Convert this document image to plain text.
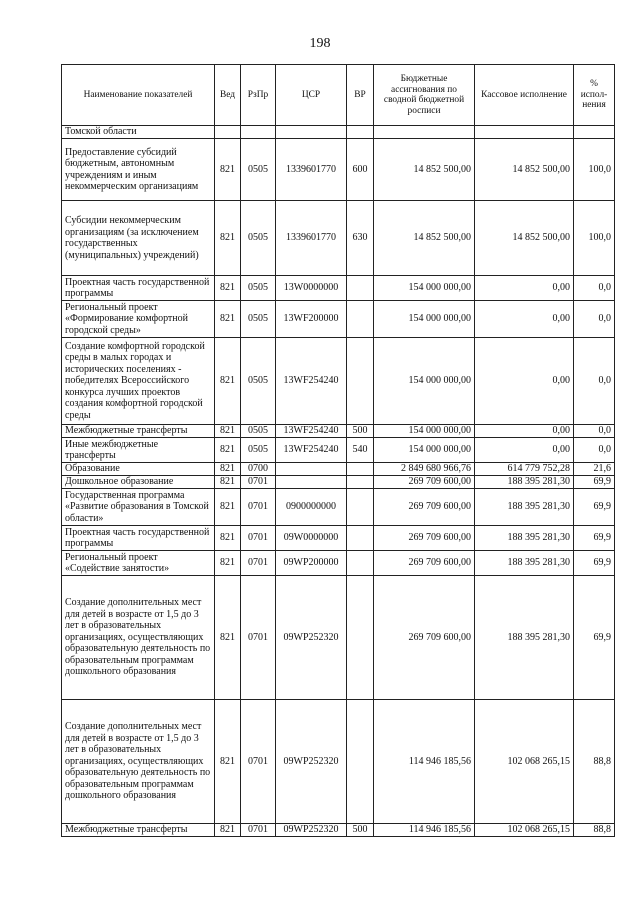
198
Наименование показателей	Вед	РзПр	ЦСР	ВР	Бюджетные ассигнования по сводной бюджетной росписи	Кассовое исполнение	% испол-нения
Томской области							
Предоставление субсидий бюджетным, автономным учреждениям и иным некоммерческим организациям	821	0505	1339601770	600	14 852 500,00	14 852 500,00	100,0
Субсидии некоммерческим организациям (за исключением государственных (муниципальных) учреждений)	821	0505	1339601770	630	14 852 500,00	14 852 500,00	100,0
Проектная часть государственной программы	821	0505	13W0000000		154 000 000,00	0,00	0,0
Региональный проект «Формирование комфортной городской среды»	821	0505	13WF200000		154 000 000,00	0,00	0,0
Создание комфортной городской среды в малых городах и исторических поселениях - победителях Всероссийского конкурса лучших проектов создания комфортной городской среды	821	0505	13WF254240		154 000 000,00	0,00	0,0
Межбюджетные трансферты	821	0505	13WF254240	500	154 000 000,00	0,00	0,0
Иные межбюджетные трансферты	821	0505	13WF254240	540	154 000 000,00	0,00	0,0
Образование	821	0700			2 849 680 966,76	614 779 752,28	21,6
Дошкольное образование	821	0701			269 709 600,00	188 395 281,30	69,9
Государственная программа «Развитие образования в Томской области»	821	0701	0900000000		269 709 600,00	188 395 281,30	69,9
Проектная часть государственной программы	821	0701	09W0000000		269 709 600,00	188 395 281,30	69,9
Региональный проект «Содействие занятости»	821	0701	09WP200000		269 709 600,00	188 395 281,30	69,9
Создание дополнительных мест для детей в возрасте от 1,5 до 3 лет в образовательных организациях, осуществляющих образовательную деятельность по образовательным программам дошкольного образования	821	0701	09WP252320		269 709 600,00	188 395 281,30	69,9
Создание дополнительных мест для детей в возрасте от 1,5 до 3 лет в образовательных организациях, осуществляющих образовательную деятельность по образовательным программам дошкольного образования	821	0701	09WP252320		114 946 185,56	102 068 265,15	88,8
Межбюджетные трансферты	821	0701	09WP252320	500	114 946 185,56	102 068 265,15	88,8
